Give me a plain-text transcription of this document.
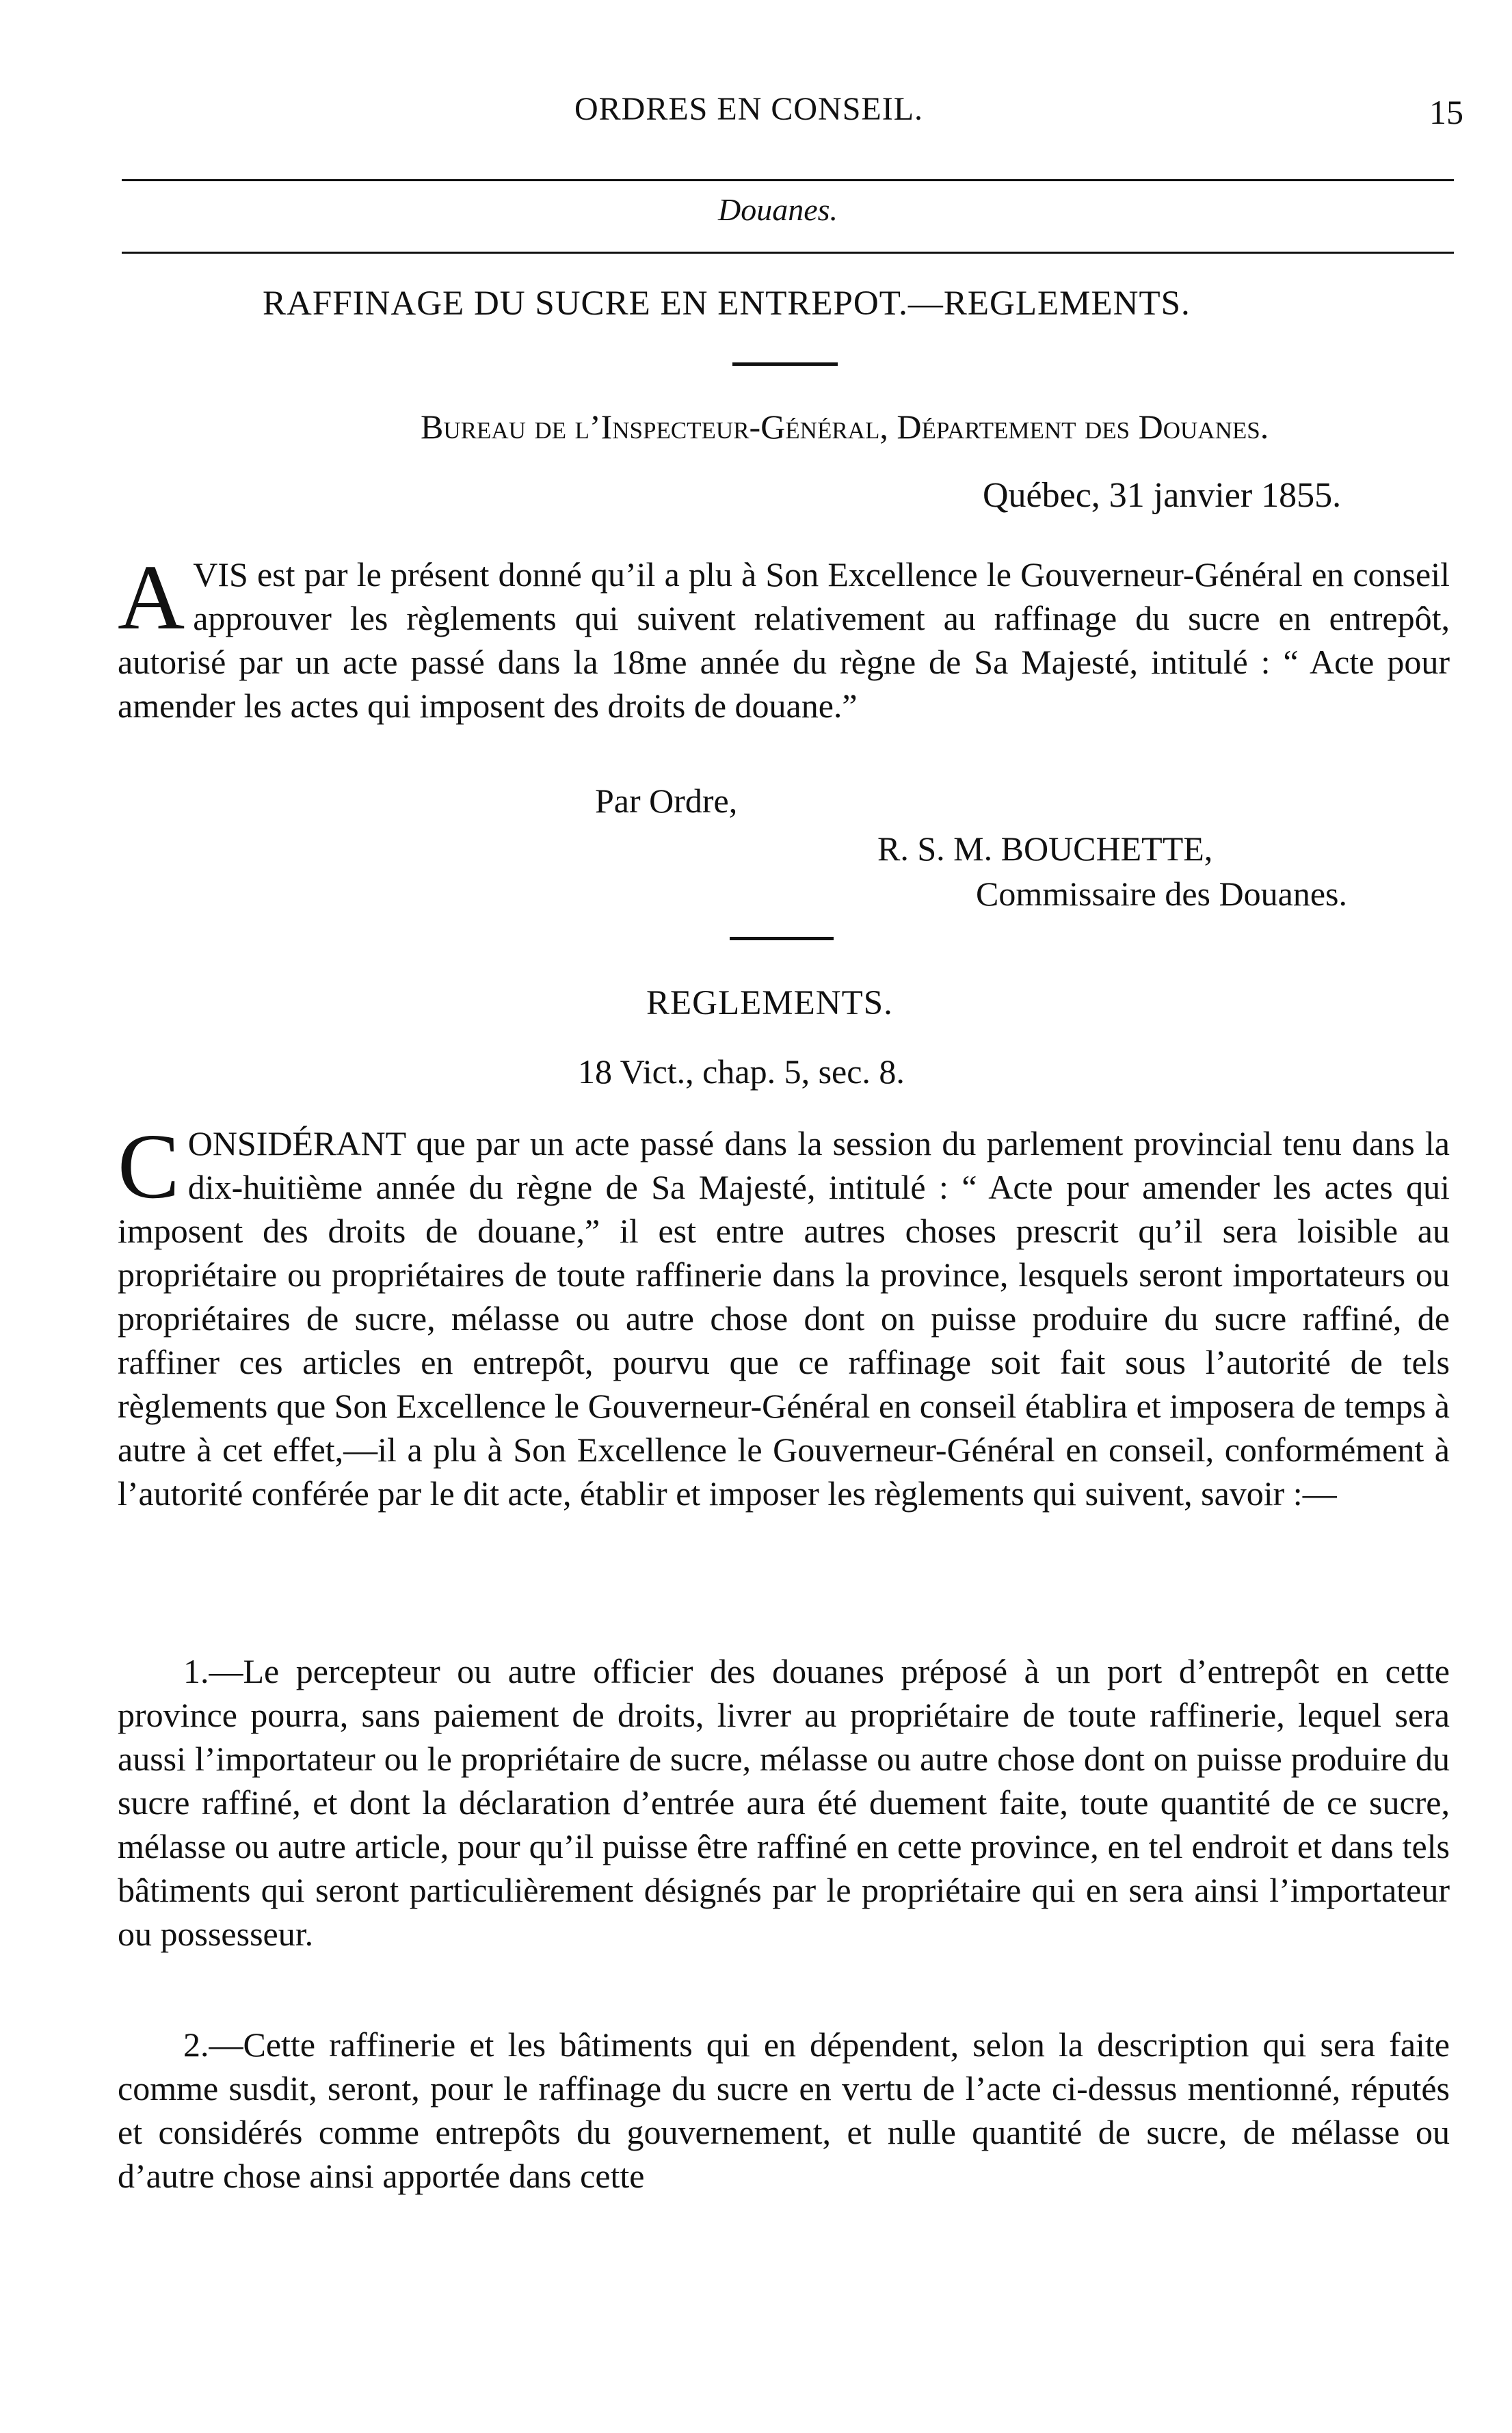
ORDRES EN CONSEIL.	15
Douanes.
RAFFINAGE DU SUCRE EN ENTREPOT.—REGLEMENTS.
Bureau de l’Inspecteur-Général, Département des Douanes.
Québec, 31 janvier 1855.

A VIS est par le présent donné qu’il a plu à Son Excellence le Gouverneur-Général en conseil approuver les règlements qui suivent relativement au raffinage du sucre en entrepôt, autorisé par un acte passé dans la 18me année du règne de Sa Majesté, intitulé : “ Acte pour amender les actes qui imposent des droits de douane.”

Par Ordre,
R. S. M. BOUCHETTE,
Commissaire des Douanes.
REGLEMENTS.
18 Vict., chap. 5, sec. 8.

C ONSIDÉRANT que par un acte passé dans la session du parlement provincial tenu dans la dix-huitième année du règne de Sa Majesté, intitulé : “ Acte pour amender les actes qui imposent des droits de douane,” il est entre autres choses prescrit qu’il sera loisible au propriétaire ou propriétaires de toute raffinerie dans la province, lesquels seront importateurs ou propriétaires de sucre, mélasse ou autre chose dont on puisse produire du sucre raffiné, de raffiner ces articles en entrepôt, pourvu que ce raffinage soit fait sous l’autorité de tels règlements que Son Excellence le Gouverneur-Général en conseil établira et imposera de temps à autre à cet effet,—il a plu à Son Excellence le Gouverneur-Général en conseil, conformément à l’autorité conférée par le dit acte, établir et imposer les règlements qui suivent, savoir :—

1.—Le percepteur ou autre officier des douanes préposé à un port d’entrepôt en cette province pourra, sans paiement de droits, livrer au propriétaire de toute raffinerie, lequel sera aussi l’importateur ou le propriétaire de sucre, mélasse ou autre chose dont on puisse produire du sucre raffiné, et dont la déclaration d’entrée aura été duement faite, toute quantité de ce sucre, mélasse ou autre article, pour qu’il puisse être raffiné en cette province, en tel endroit et dans tels bâtiments qui seront particulièrement désignés par le propriétaire qui en sera ainsi l’importateur ou possesseur.

2.—Cette raffinerie et les bâtiments qui en dépendent, selon la description qui sera faite comme susdit, seront, pour le raffinage du sucre en vertu de l’acte ci-dessus mentionné, réputés et considérés comme entrepôts du gouvernement, et nulle quantité de sucre, de mélasse ou d’autre chose ainsi apportée dans cette
